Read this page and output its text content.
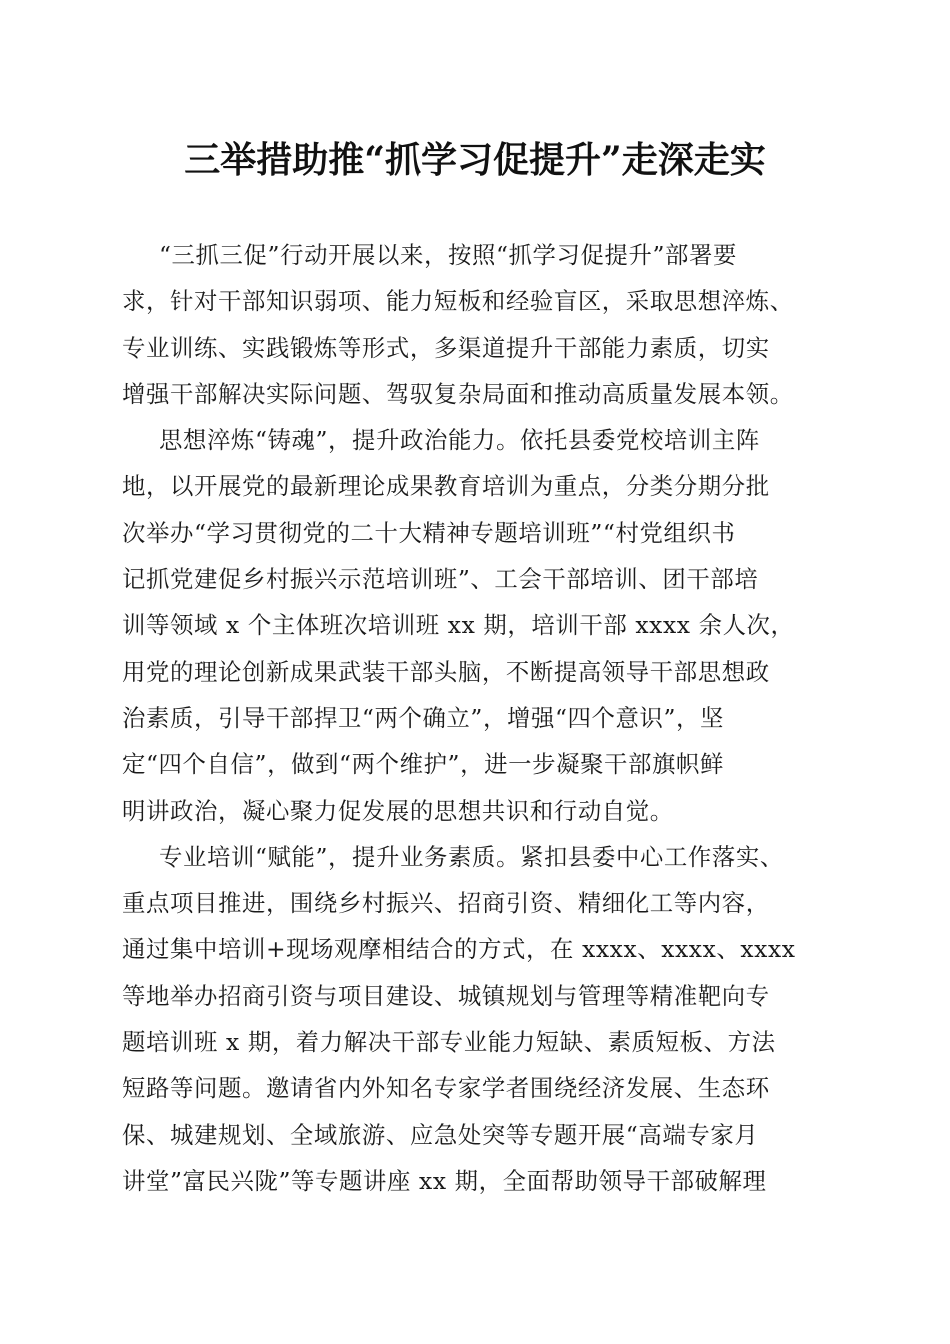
三举措助推“抓学习促提升”走深走实
“三抓三促”行动开展以来，按照“抓学习促提升”部署要
求，针对干部知识弱项、能力短板和经验盲区，采取思想淬炼、
专业训练、实践锻炼等形式，多渠道提升干部能力素质，切实
增强干部解决实际问题、驾驭复杂局面和推动高质量发展本领。
思想淬炼“铸魂”，提升政治能力。依托县委党校培训主阵
地，以开展党的最新理论成果教育培训为重点，分类分期分批
次举办“学习贯彻党的二十大精神专题培训班”“村党组织书
记抓党建促乡村振兴示范培训班”、工会干部培训、团干部培
训等领域 x 个主体班次培训班 xx 期，培训干部 xxxx 余人次，
用党的理论创新成果武装干部头脑，不断提高领导干部思想政
治素质，引导干部捍卫“两个确立”，增强“四个意识”，坚
定“四个自信”，做到“两个维护”，进一步凝聚干部旗帜鲜
明讲政治，凝心聚力促发展的思想共识和行动自觉。
专业培训“赋能”，提升业务素质。紧扣县委中心工作落实、
重点项目推进，围绕乡村振兴、招商引资、精细化工等内容，
通过集中培训+现场观摩相结合的方式，在 xxxx、xxxx、xxxx
等地举办招商引资与项目建设、城镇规划与管理等精准靶向专
题培训班 x 期，着力解决干部专业能力短缺、素质短板、方法
短路等问题。邀请省内外知名专家学者围绕经济发展、生态环
保、城建规划、全域旅游、应急处突等专题开展“高端专家月
讲堂”富民兴陇”等专题讲座 xx 期，全面帮助领导干部破解理
